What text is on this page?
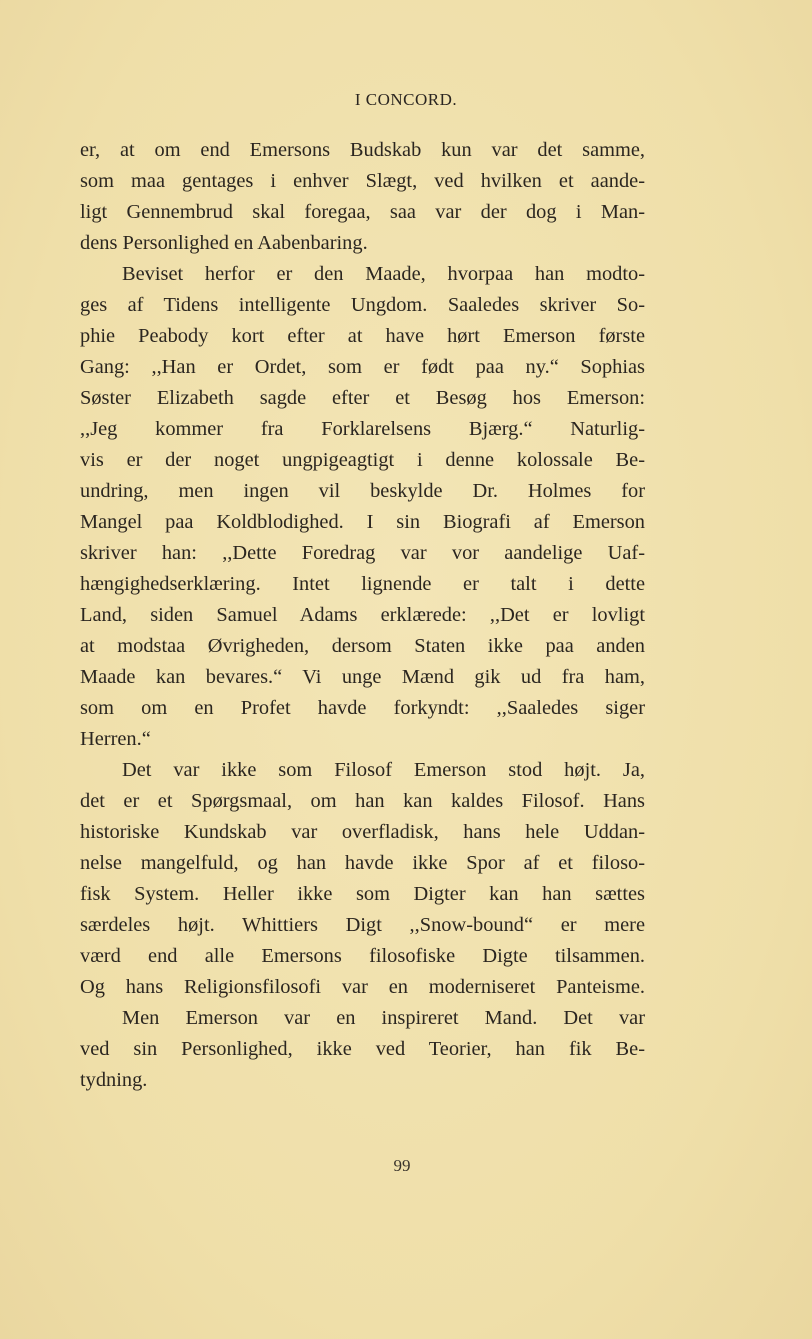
I CONCORD.
er, at om end Emersons Budskab kun var det samme,
som maa gentages i enhver Slægt, ved hvilken et aande-
ligt Gennembrud skal foregaa, saa var der dog i Man-
dens Personlighed en Aabenbaring.
Beviset herfor er den Maade, hvorpaa han modto-
ges af Tidens intelligente Ungdom. Saaledes skriver So-
phie Peabody kort efter at have hørt Emerson første
Gang: ,,Han er Ordet, som er født paa ny.“ Sophias
Søster Elizabeth sagde efter et Besøg hos Emerson:
,,Jeg kommer fra Forklarelsens Bjærg.“ Naturlig-
vis er der noget ungpigeagtigt i denne kolossale Be-
undring, men ingen vil beskylde Dr. Holmes for
Mangel paa Koldblodighed. I sin Biografi af Emerson
skriver han: ,,Dette Foredrag var vor aandelige Uaf-
hængighedserklæring. Intet lignende er talt i dette
Land, siden Samuel Adams erklærede: ,,Det er lovligt
at modstaa Øvrigheden, dersom Staten ikke paa anden
Maade kan bevares.“ Vi unge Mænd gik ud fra ham,
som om en Profet havde forkyndt: ,,Saaledes siger
Herren.“
Det var ikke som Filosof Emerson stod højt. Ja,
det er et Spørgsmaal, om han kan kaldes Filosof. Hans
historiske Kundskab var overfladisk, hans hele Uddan-
nelse mangelfuld, og han havde ikke Spor af et filoso-
fisk System. Heller ikke som Digter kan han sættes
særdeles højt. Whittiers Digt ,,Snow-bound“ er mere
værd end alle Emersons filosofiske Digte tilsammen.
Og hans Religionsfilosofi var en moderniseret Panteisme.
Men Emerson var en inspireret Mand. Det var
ved sin Personlighed, ikke ved Teorier, han fik Be-
tydning.
99
